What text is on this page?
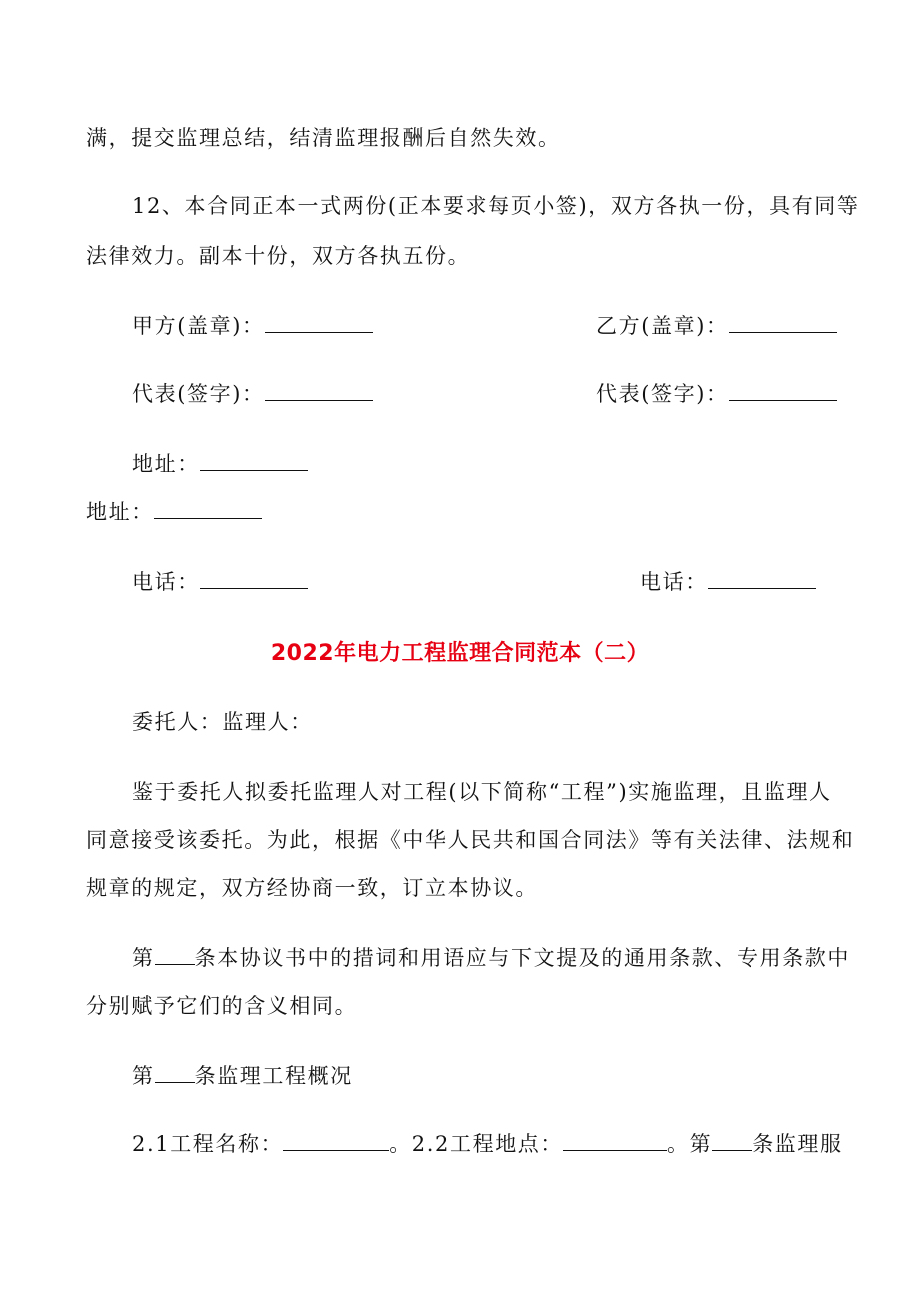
满，提交监理总结，结清监理报酬后自然失效。
12、本合同正本一式两份(正本要求每页小签)，双方各执一份，具有同等
法律效力。副本十份，双方各执五份。
甲方(盖章)：	乙方(盖章)：
代表(签字)：	代表(签字)：
地址：
地址：
电话：	电话：
2022年电力工程监理合同范本（二）
委托人：监理人：
鉴于委托人拟委托监理人对工程(以下简称“工程”)实施监理，且监理人
同意接受该委托。为此，根据《中华人民共和国合同法》等有关法律、法规和
规章的规定，双方经协商一致，订立本协议。
第 条本协议书中的措词和用语应与下文提及的通用条款、专用条款中
分别赋予它们的含义相同。
第 条监理工程概况
2.1工程名称：	。2.2工程地点：	。第 条监理服
